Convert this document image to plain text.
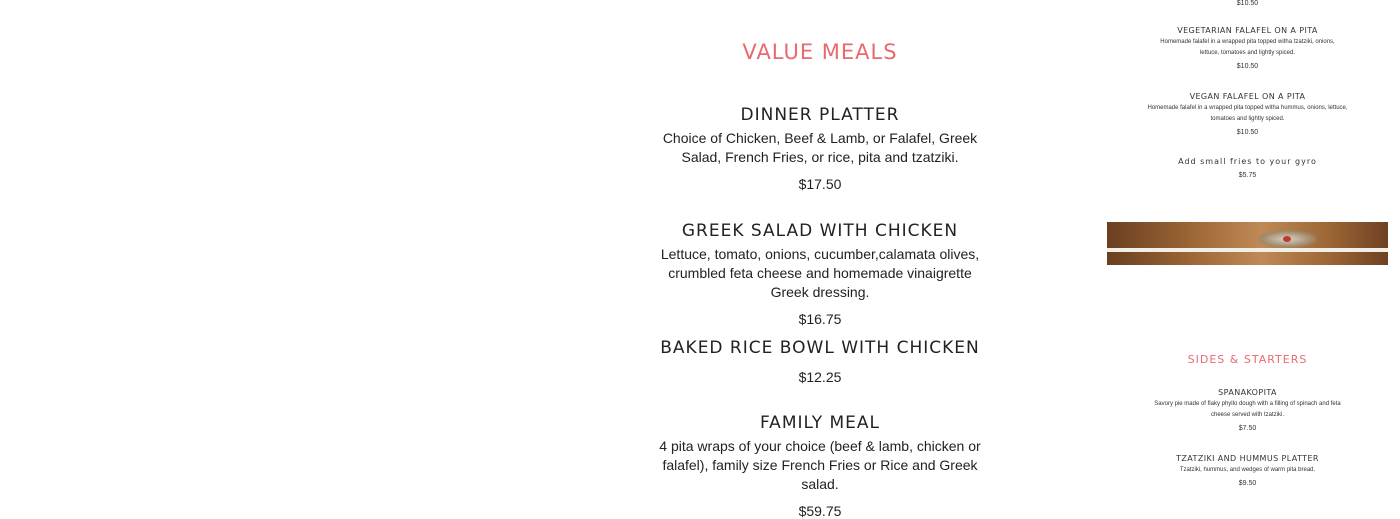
VALUE MEALS
DINNER PLATTER
Choice of Chicken, Beef & Lamb, or Falafel, Greek Salad, French Fries, or rice, pita and tzatziki.
$17.50
GREEK SALAD WITH CHICKEN
Lettuce, tomato, onions, cucumber,calamata olives, crumbled feta cheese and homemade vinaigrette Greek dressing.
$16.75
BAKED RICE BOWL WITH CHICKEN
$12.25
FAMILY MEAL
4 pita wraps of your choice (beef & lamb, chicken or falafel), family size French Fries or Rice and Greek salad.
$59.75
$10.50
VEGETARIAN FALAFEL ON A PITA
Homemade falafel in a wrapped pita topped witha tzatziki, onions, lettuce, tomatoes and lightly spiced.
$10.50
VEGAN FALAFEL ON A PITA
Homemade falafel in a wrapped pita topped witha hummus, onions, lettuce, tomatoes and lightly spiced.
$10.50
Add small fries to your gyro
$5.75
SIDES & STARTERS
SPANAKOPITA
Savory pie made of flaky phyllo dough with a filling of spinach and feta cheese served with tzatziki.
$7.50
TZATZIKI AND HUMMUS PLATTER
Tzatziki, hummus, and wedges of warm pita bread.
$9.50
